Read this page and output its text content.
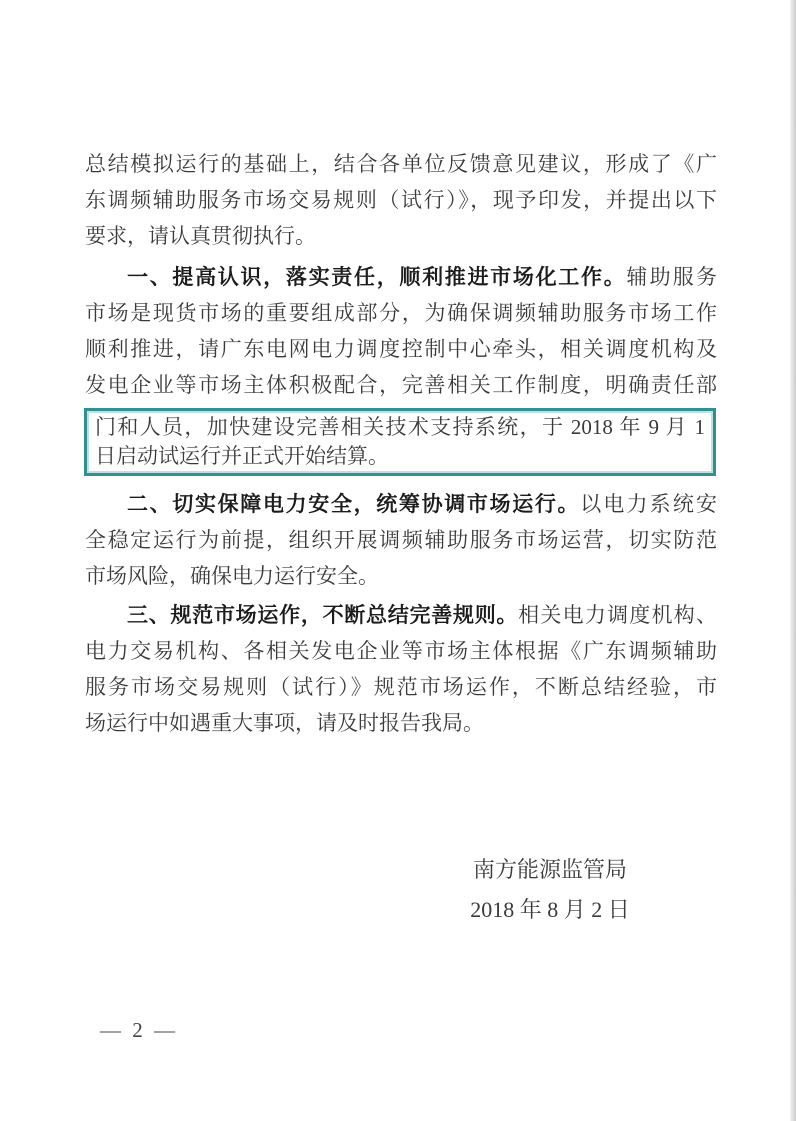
总结模拟运行的基础上，结合各单位反馈意见建议，形成了《广
东调频辅助服务市场交易规则（试行）》，现予印发，并提出以下
要求，请认真贯彻执行。

一、提高认识，落实责任，顺利推进市场化工作。辅助服务
市场是现货市场的重要组成部分，为确保调频辅助服务市场工作
顺利推进，请广东电网电力调度控制中心牵头，相关调度机构及
发电企业等市场主体积极配合，完善相关工作制度，明确责任部

门和人员，加快建设完善相关技术支持系统，于 2018 年 9 月 1
日启动试运行并正式开始结算。

二、切实保障电力安全，统筹协调市场运行。以电力系统安
全稳定运行为前提，组织开展调频辅助服务市场运营，切实防范
市场风险，确保电力运行安全。

三、规范市场运作，不断总结完善规则。相关电力调度机构、
电力交易机构、各相关发电企业等市场主体根据《广东调频辅助
服务市场交易规则（试行）》规范市场运作，不断总结经验，市
场运行中如遇重大事项，请及时报告我局。

南方能源监管局
2018 年 8 月 2 日
— 2 —
